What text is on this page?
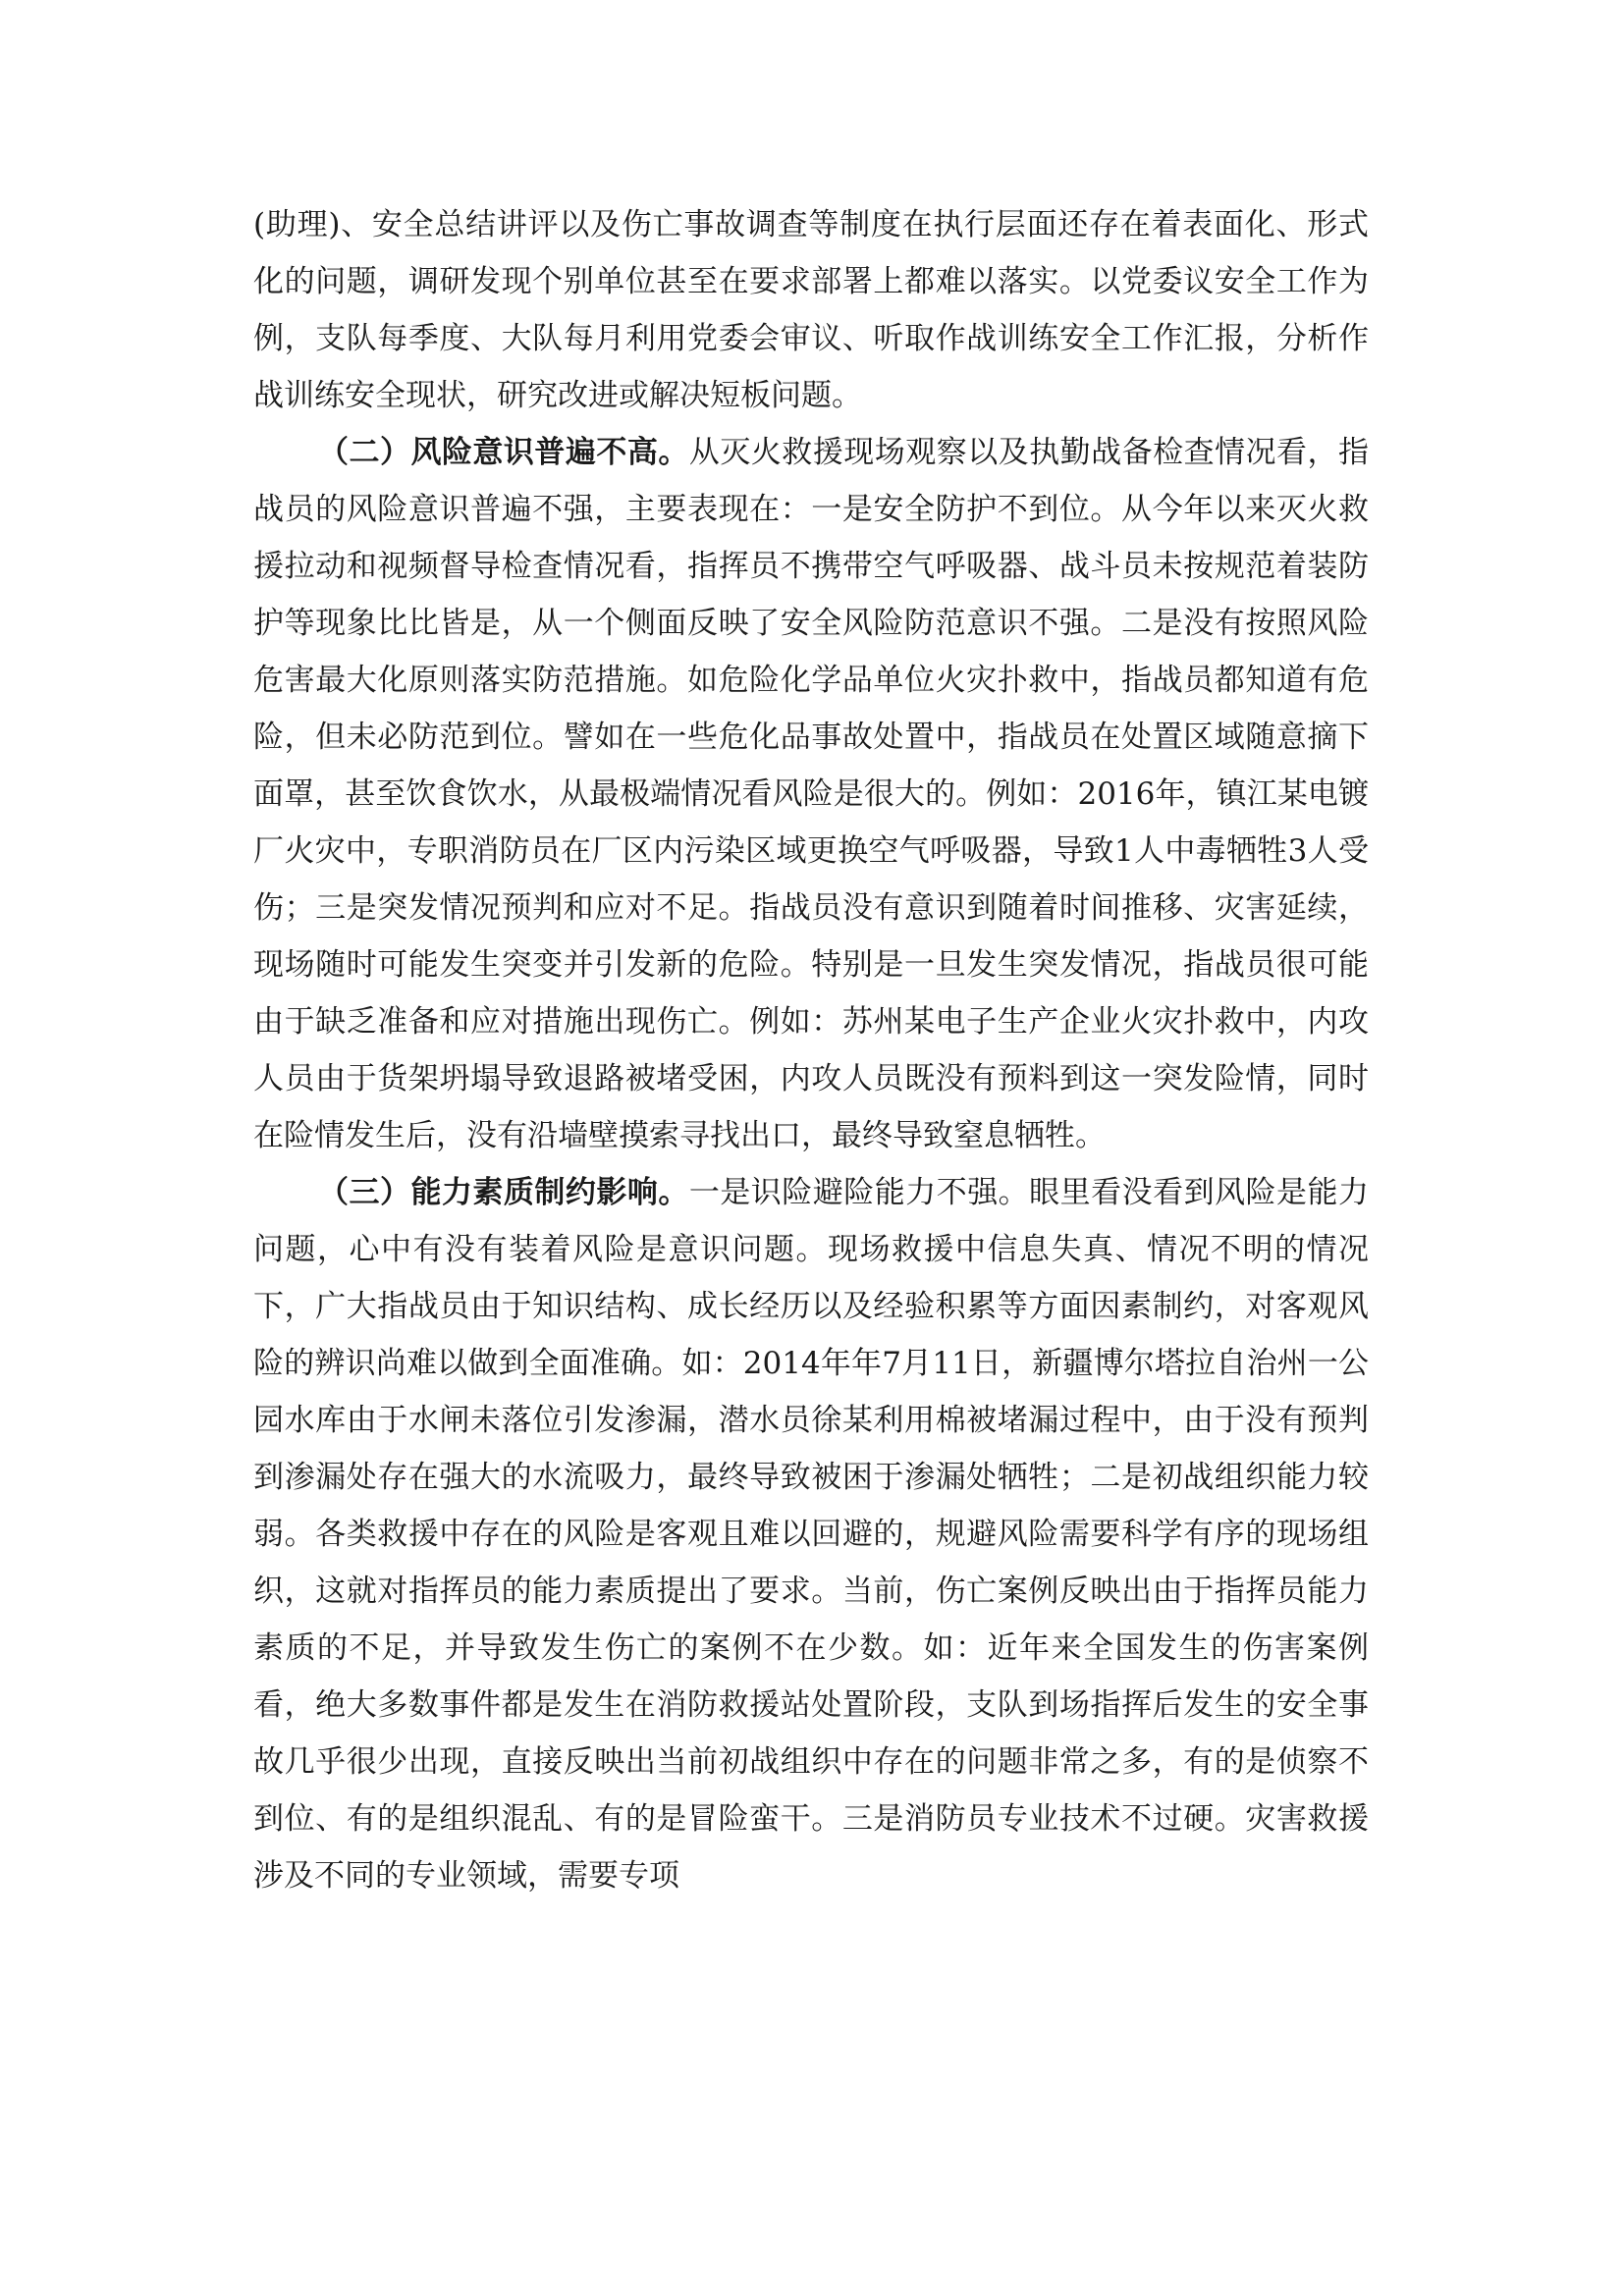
(助理)、安全总结讲评以及伤亡事故调查等制度在执行层面还存在着表面化、形式化的问题，调研发现个别单位甚至在要求部署上都难以落实。以党委议安全工作为例，支队每季度、大队每月利用党委会审议、听取作战训练安全工作汇报，分析作战训练安全现状，研究改进或解决短板问题。

（二）风险意识普遍不高。从灭火救援现场观察以及执勤战备检查情况看，指战员的风险意识普遍不强，主要表现在：一是安全防护不到位。从今年以来灭火救援拉动和视频督导检查情况看，指挥员不携带空气呼吸器、战斗员未按规范着装防护等现象比比皆是，从一个侧面反映了安全风险防范意识不强。二是没有按照风险危害最大化原则落实防范措施。如危险化学品单位火灾扑救中，指战员都知道有危险，但未必防范到位。譬如在一些危化品事故处置中，指战员在处置区域随意摘下面罩，甚至饮食饮水，从最极端情况看风险是很大的。例如：2016年，镇江某电镀厂火灾中，专职消防员在厂区内污染区域更换空气呼吸器，导致1人中毒牺牲3人受伤；三是突发情况预判和应对不足。指战员没有意识到随着时间推移、灾害延续，现场随时可能发生突变并引发新的危险。特别是一旦发生突发情况，指战员很可能由于缺乏准备和应对措施出现伤亡。例如：苏州某电子生产企业火灾扑救中，内攻人员由于货架坍塌导致退路被堵受困，内攻人员既没有预料到这一突发险情，同时在险情发生后，没有沿墙壁摸索寻找出口，最终导致窒息牺牲。

（三）能力素质制约影响。一是识险避险能力不强。眼里看没看到风险是能力问题，心中有没有装着风险是意识问题。现场救援中信息失真、情况不明的情况下，广大指战员由于知识结构、成长经历以及经验积累等方面因素制约，对客观风险的辨识尚难以做到全面准确。如：2014年年7月11日，新疆博尔塔拉自治州一公园水库由于水闸未落位引发渗漏，潜水员徐某利用棉被堵漏过程中，由于没有预判到渗漏处存在强大的水流吸力，最终导致被困于渗漏处牺牲；二是初战组织能力较弱。各类救援中存在的风险是客观且难以回避的，规避风险需要科学有序的现场组织，这就对指挥员的能力素质提出了要求。当前，伤亡案例反映出由于指挥员能力素质的不足，并导致发生伤亡的案例不在少数。如：近年来全国发生的伤害案例看，绝大多数事件都是发生在消防救援站处置阶段，支队到场指挥后发生的安全事故几乎很少出现，直接反映出当前初战组织中存在的问题非常之多，有的是侦察不到位、有的是组织混乱、有的是冒险蛮干。三是消防员专业技术不过硬。灾害救援涉及不同的专业领域，需要专项
